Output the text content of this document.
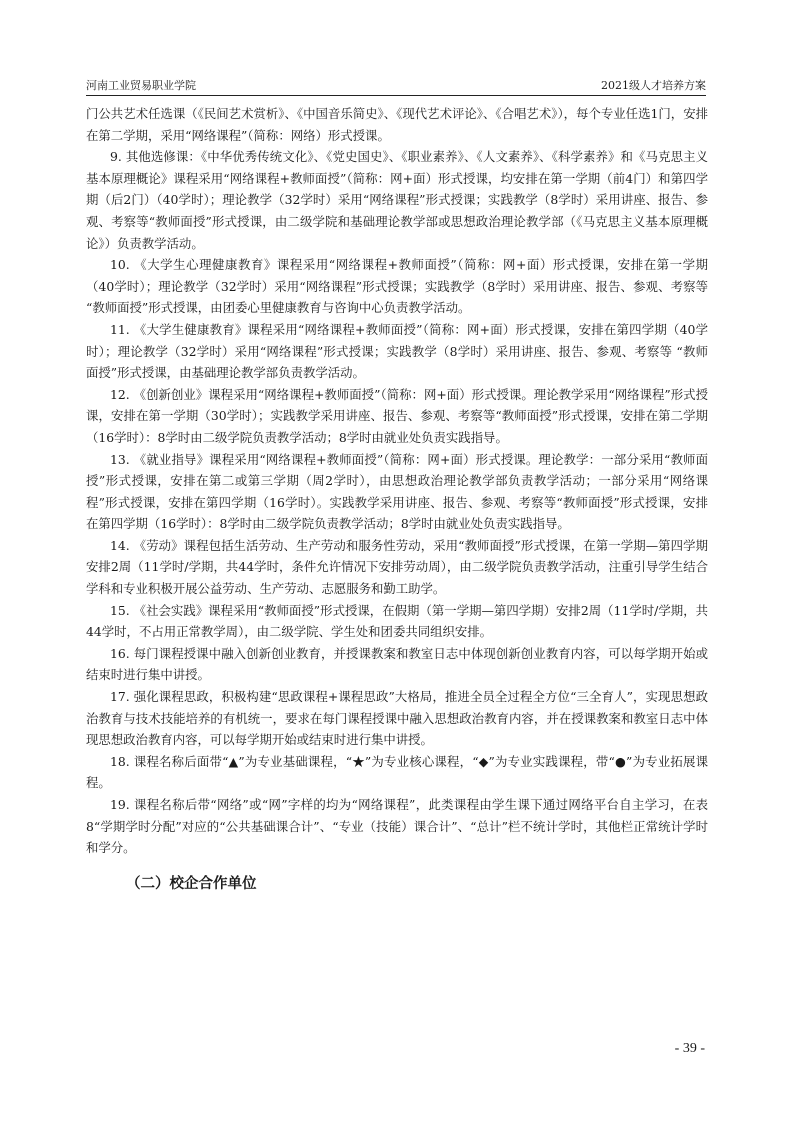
河南工业贸易职业学院	2021级人才培养方案

门公共艺术任选课（《民间艺术赏析》、《中国音乐简史》、《现代艺术评论》、《合唱艺术》），每个专业任选1门，安排在第二学期，采用“网络课程”（简称：网络）形式授课。

9. 其他选修课：《中华优秀传统文化》、《党史国史》、《职业素养》、《人文素养》、《科学素养》和《马克思主义基本原理概论》课程采用“网络课程+教师面授”（简称：网+面）形式授课，均安排在第一学期（前4门）和第四学期（后2门）（40学时）；理论教学（32学时）采用“网络课程”形式授课；实践教学（8学时）采用讲座、报告、参观、考察等“教师面授”形式授课，由二级学院和基础理论教学部或思想政治理论教学部（《马克思主义基本原理概论》）负责教学活动。

10. 《大学生心理健康教育》课程采用“网络课程+教师面授”（简称：网+面）形式授课，安排在第一学期（40学时）；理论教学（32学时）采用“网络课程”形式授课；实践教学（8学时）采用讲座、报告、参观、考察等 “教师面授”形式授课，由团委心里健康教育与咨询中心负责教学活动。

11. 《大学生健康教育》课程采用“网络课程+教师面授”（简称：网+面）形式授课，安排在第四学期（40学时）；理论教学（32学时）采用“网络课程”形式授课；实践教学（8学时）采用讲座、报告、参观、考察等 “教师面授”形式授课，由基础理论教学部负责教学活动。

12. 《创新创业》课程采用“网络课程+教师面授”（简称：网+面）形式授课。理论教学采用“网络课程”形式授课，安排在第一学期（30学时）；实践教学采用讲座、报告、参观、考察等“教师面授”形式授课，安排在第二学期（16学时）：8学时由二级学院负责教学活动；8学时由就业处负责实践指导。

13. 《就业指导》课程采用“网络课程+教师面授”（简称：网+面）形式授课。理论教学：一部分采用“教师面授”形式授课，安排在第二或第三学期（周2学时），由思想政治理论教学部负责教学活动；一部分采用“网络课程”形式授课，安排在第四学期（16学时）。实践教学采用讲座、报告、参观、考察等“教师面授”形式授课，安排在第四学期（16学时）：8学时由二级学院负责教学活动；8学时由就业处负责实践指导。

14. 《劳动》课程包括生活劳动、生产劳动和服务性劳动，采用“教师面授”形式授课，在第一学期—第四学期安排2周（11学时/学期，共44学时，条件允许情况下安排劳动周），由二级学院负责教学活动，注重引导学生结合学科和专业积极开展公益劳动、生产劳动、志愿服务和勤工助学。

15. 《社会实践》课程采用“教师面授”形式授课，在假期（第一学期—第四学期）安排2周（11学时/学期，共44学时，不占用正常教学周），由二级学院、学生处和团委共同组织安排。

16. 每门课程授课中融入创新创业教育，并授课教案和教室日志中体现创新创业教育内容，可以每学期开始或结束时进行集中讲授。

17. 强化课程思政，积极构建“思政课程+课程思政”大格局，推进全员全过程全方位“三全育人”，实现思想政治教育与技术技能培养的有机统一，要求在每门课程授课中融入思想政治教育内容，并在授课教案和教室日志中体现思想政治教育内容，可以每学期开始或结束时进行集中讲授。

18. 课程名称后面带“▲”为专业基础课程，“★”为专业核心课程，“◆”为专业实践课程，带“●”为专业拓展课程。

19. 课程名称后带“网络”或“网”字样的均为“网络课程”，此类课程由学生课下通过网络平台自主学习，在表8“学期学时分配”对应的“公共基础课合计”、“专业（技能）课合计”、“总计”栏不统计学时，其他栏正常统计学时和学分。

（二）校企合作单位
- 39 -
